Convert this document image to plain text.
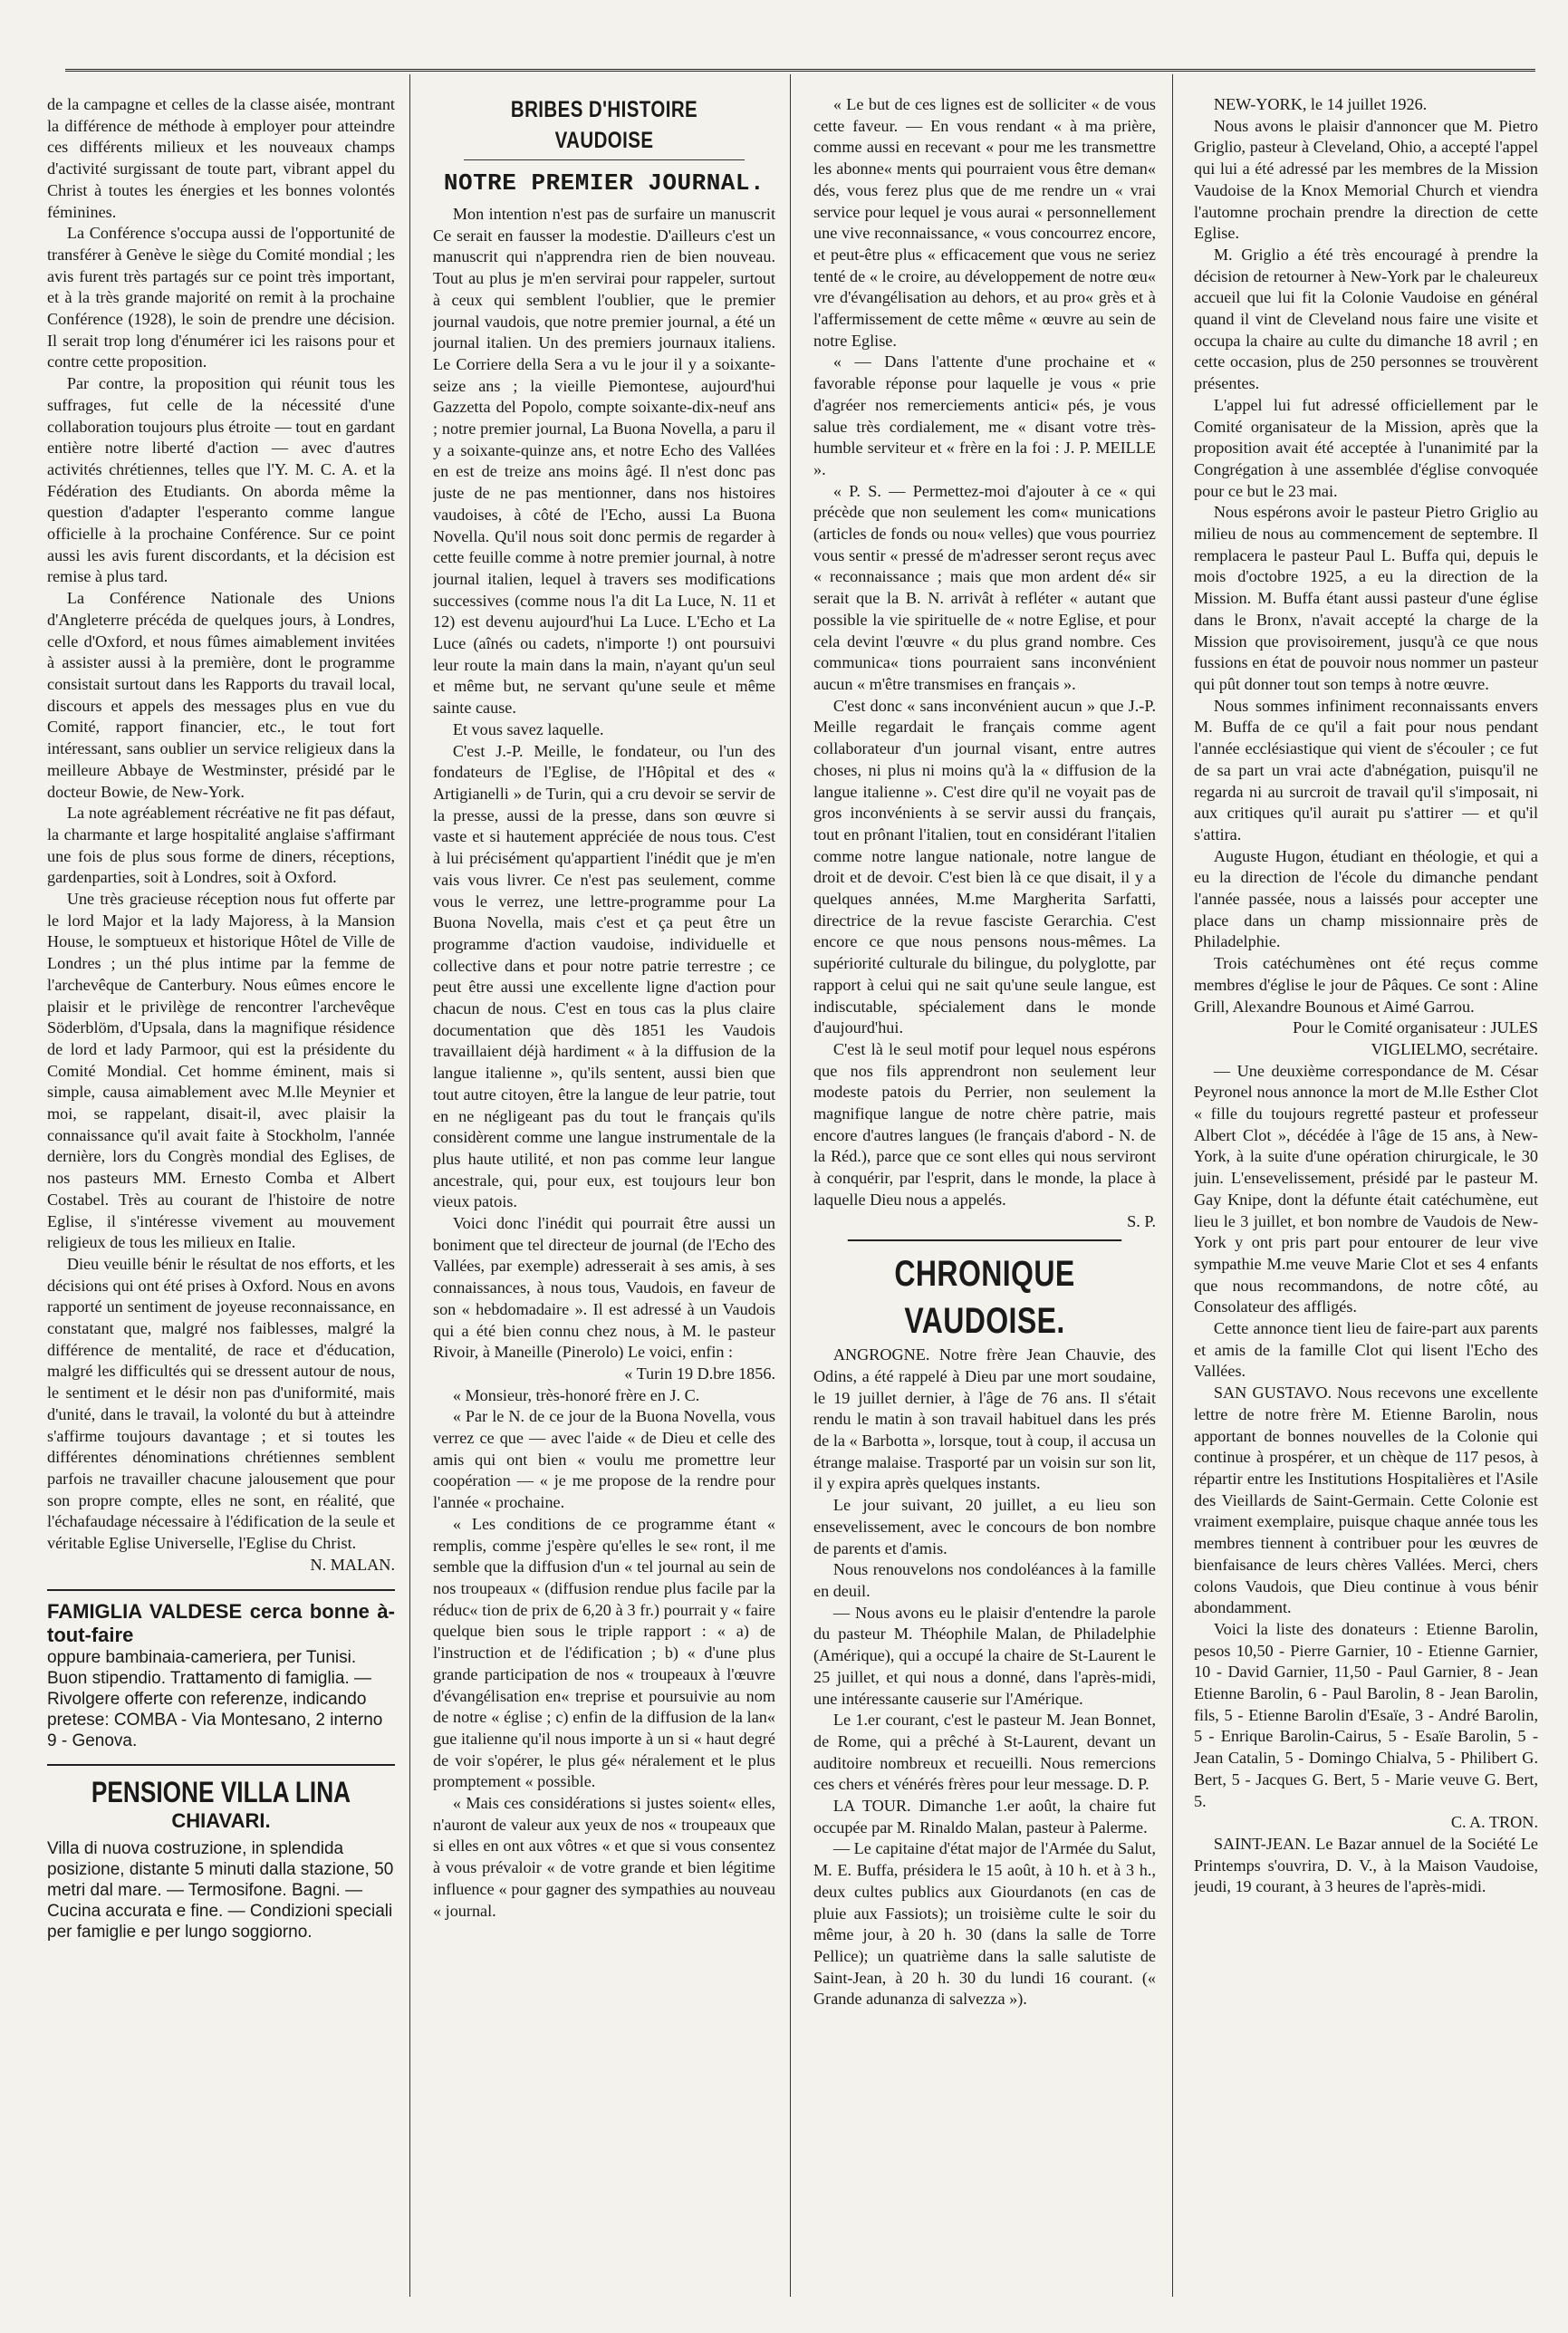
de la campagne et celles de la classe aisée, montrant la différence de méthode à employer pour atteindre ces différents milieux et les nouveaux champs d'activité surgissant de toute part, vibrant appel du Christ à toutes les énergies et les bonnes volontés féminines.

La Conférence s'occupa aussi de l'opportunité de transférer à Genève le siège du Comité mondial ; les avis furent très partagés sur ce point très important, et à la très grande majorité on remit à la prochaine Conférence (1928), le soin de prendre une décision. Il serait trop long d'énumérer ici les raisons pour et contre cette proposition.

Par contre, la proposition qui réunit tous les suffrages, fut celle de la nécessité d'une collaboration toujours plus étroite — tout en gardant entière notre liberté d'action — avec d'autres activités chrétiennes, telles que l'Y. M. C. A. et la Fédération des Etudiants. On aborda même la question d'adapter l'esperanto comme langue officielle à la prochaine Conférence. Sur ce point aussi les avis furent discordants, et la décision est remise à plus tard.

La Conférence Nationale des Unions d'Angleterre précéda de quelques jours, à Londres, celle d'Oxford, et nous fûmes aimablement invitées à assister aussi à la première, dont le programme consistait surtout dans les Rapports du travail local, discours et appels des messages plus en vue du Comité, rapport financier, etc., le tout fort intéressant, sans oublier un service religieux dans la meilleure Abbaye de Westminster, présidé par le docteur Bowie, de New-York.

La note agréablement récréative ne fit pas défaut, la charmante et large hospitalité anglaise s'affirmant une fois de plus sous forme de diners, réceptions, gardenparties, soit à Londres, soit à Oxford.

Une très gracieuse réception nous fut offerte par le lord Major et la lady Majoress, à la Mansion House, le somptueux et historique Hôtel de Ville de Londres ; un thé plus intime par la femme de l'archevêque de Canterbury. Nous eûmes encore le plaisir et le privilège de rencontrer l'archevêque Söderblöm, d'Upsala, dans la magnifique résidence de lord et lady Parmoor, qui est la présidente du Comité Mondial. Cet homme éminent, mais si simple, causa aimablement avec M.lle Meynier et moi, se rappelant, disait-il, avec plaisir la connaissance qu'il avait faite à Stockholm, l'année dernière, lors du Congrès mondial des Eglises, de nos pasteurs MM. Ernesto Comba et Albert Costabel. Très au courant de l'histoire de notre Eglise, il s'intéresse vivement au mouvement religieux de tous les milieux en Italie.

Dieu veuille bénir le résultat de nos efforts, et les décisions qui ont été prises à Oxford. Nous en avons rapporté un sentiment de joyeuse reconnaissance, en constatant que, malgré nos faiblesses, malgré la différence de mentalité, de race et d'éducation, malgré les difficultés qui se dressent autour de nous, le sentiment et le désir non pas d'uniformité, mais d'unité, dans le travail, la volonté du but à atteindre s'affirme toujours davantage ; et si toutes les différentes dénominations chrétiennes semblent parfois ne travailler chacune jalousement que pour son propre compte, elles ne sont, en réalité, que l'échafaudage nécessaire à l'édification de la seule et véritable Eglise Universelle, l'Eglise du Christ.

N. MALAN.

FAMIGLIA VALDESE cerca bonne à-tout-faire
oppure bambinaia-cameriera, per Tunisi. Buon stipendio. Trattamento di famiglia. — Rivolgere offerte con referenze, indicando pretese: COMBA - Via Montesano, 2 interno 9 - Genova.
PENSIONE VILLA LINA
CHIAVARI.
Villa di nuova costruzione, in splendida posizione, distante 5 minuti dalla stazione, 50 metri dal mare. — Termosifone. Bagni. — Cucina accurata e fine. — Condizioni speciali per famiglie e per lungo soggiorno.
BRIBES D'HISTOIRE VAUDOISE
NOTRE PREMIER JOURNAL.

Mon intention n'est pas de surfaire un manuscrit Ce serait en fausser la modestie. D'ailleurs c'est un manuscrit qui n'apprendra rien de bien nouveau. Tout au plus je m'en servirai pour rappeler, surtout à ceux qui semblent l'oublier, que le premier journal vaudois, que notre premier journal, a été un journal italien. Un des premiers journaux italiens. Le Corriere della Sera a vu le jour il y a soixante-seize ans ; la vieille Piemontese, aujourd'hui Gazzetta del Popolo, compte soixante-dix-neuf ans ; notre premier journal, La Buona Novella, a paru il y a soixante-quinze ans, et notre Echo des Vallées en est de treize ans moins âgé. Il n'est donc pas juste de ne pas mentionner, dans nos histoires vaudoises, à côté de l'Echo, aussi La Buona Novella. Qu'il nous soit donc permis de regarder à cette feuille comme à notre premier journal, à notre journal italien, lequel à travers ses modifications successives (comme nous l'a dit La Luce, N. 11 et 12) est devenu aujourd'hui La Luce. L'Echo et La Luce (aînés ou cadets, n'importe !) ont poursuivi leur route la main dans la main, n'ayant qu'un seul et même but, ne servant qu'une seule et même sainte cause.

Et vous savez laquelle.

C'est J.-P. Meille, le fondateur, ou l'un des fondateurs de l'Eglise, de l'Hôpital et des « Artigianelli » de Turin, qui a cru devoir se servir de la presse, aussi de la presse, dans son œuvre si vaste et si hautement appréciée de nous tous. C'est à lui précisément qu'appartient l'inédit que je m'en vais vous livrer. Ce n'est pas seulement, comme vous le verrez, une lettre-programme pour La Buona Novella, mais c'est et ça peut être un programme d'action vaudoise, individuelle et collective dans et pour notre patrie terrestre ; ce peut être aussi une excellente ligne d'action pour chacun de nous. C'est en tous cas la plus claire documentation que dès 1851 les Vaudois travaillaient déjà hardiment « à la diffusion de la langue italienne », qu'ils sentent, aussi bien que tout autre citoyen, être la langue de leur patrie, tout en ne négligeant pas du tout le français qu'ils considèrent comme une langue instrumentale de la plus haute utilité, et non pas comme leur langue ancestrale, qui, pour eux, est toujours leur bon vieux patois.

Voici donc l'inédit qui pourrait être aussi un boniment que tel directeur de journal (de l'Echo des Vallées, par exemple) adresserait à ses amis, à ses connaissances, à nous tous, Vaudois, en faveur de son « hebdomadaire ». Il est adressé à un Vaudois qui a été bien connu chez nous, à M. le pasteur Rivoir, à Maneille (Pinerolo) Le voici, enfin :

« Turin 19 D.bre 1856.

« Monsieur, très-honoré frère en J. C.

« Par le N. de ce jour de la Buona Novella, vous verrez ce que — avec l'aide « de Dieu et celle des amis qui ont bien « voulu me promettre leur coopération — « je me propose de la rendre pour l'année « prochaine.

« Les conditions de ce programme étant « remplis, comme j'espère qu'elles le se« ront, il me semble que la diffusion d'un « tel journal au sein de nos troupeaux « (diffusion rendue plus facile par la réduc« tion de prix de 6,20 à 3 fr.) pourrait y « faire quelque bien sous le triple rapport : « a) de l'instruction et de l'édification ; b) « d'une plus grande participation de nos « troupeaux à l'œuvre d'évangélisation en« treprise et poursuivie au nom de notre « église ; c) enfin de la diffusion de la lan« gue italienne qu'il nous importe à un si « haut degré de voir s'opérer, le plus gé« néralement et le plus promptement « possible.

« Mais ces considérations si justes soient« elles, n'auront de valeur aux yeux de nos « troupeaux que si elles en ont aux vôtres « et que si vous consentez à vous prévaloir « de votre grande et bien légitime influence « pour gagner des sympathies au nouveau « journal.

« Le but de ces lignes est de solliciter « de vous cette faveur. — En vous rendant « à ma prière, comme aussi en recevant « pour me les transmettre les abonne« ments qui pourraient vous être deman« dés, vous ferez plus que de me rendre un « vrai service pour lequel je vous aurai « personnellement une vive reconnaissance, « vous concourrez encore, et peut-être plus « efficacement que vous ne seriez tenté de « le croire, au développement de notre œu« vre d'évangélisation au dehors, et au pro« grès et à l'affermissement de cette même « œuvre au sein de notre Eglise.

« — Dans l'attente d'une prochaine et « favorable réponse pour laquelle je vous « prie d'agréer nos remerciements antici« pés, je vous salue très cordialement, me « disant votre très-humble serviteur et « frère en la foi : J. P. MEILLE ».

« P. S. — Permettez-moi d'ajouter à ce « qui précède que non seulement les com« munications (articles de fonds ou nou« velles) que vous pourriez vous sentir « pressé de m'adresser seront reçus avec « reconnaissance ; mais que mon ardent dé« sir serait que la B. N. arrivât à refléter « autant que possible la vie spirituelle de « notre Eglise, et pour cela devint l'œuvre « du plus grand nombre. Ces communica« tions pourraient sans inconvénient aucun « m'être transmises en français ».

C'est donc « sans inconvénient aucun » que J.-P. Meille regardait le français comme agent collaborateur d'un journal visant, entre autres choses, ni plus ni moins qu'à la « diffusion de la langue italienne ». C'est dire qu'il ne voyait pas de gros inconvénients à se servir aussi du français, tout en prônant l'italien, tout en considérant l'italien comme notre langue nationale, notre langue de droit et de devoir. C'est bien là ce que disait, il y a quelques années, M.me Margherita Sarfatti, directrice de la revue fasciste Gerarchia. C'est encore ce que nous pensons nous-mêmes. La supériorité culturale du bilingue, du polyglotte, par rapport à celui qui ne sait qu'une seule langue, est indiscutable, spécialement dans le monde d'aujourd'hui.

C'est là le seul motif pour lequel nous espérons que nos fils apprendront non seulement leur modeste patois du Perrier, non seulement la magnifique langue de notre chère patrie, mais encore d'autres langues (le français d'abord - N. de la Réd.), parce que ce sont elles qui nous serviront à conquérir, par l'esprit, dans le monde, la place à laquelle Dieu nous a appelés.

S. P.

CHRONIQUE VAUDOISE.

ANGROGNE. Notre frère Jean Chauvie, des Odins, a été rappelé à Dieu par une mort soudaine, le 19 juillet dernier, à l'âge de 76 ans. Il s'était rendu le matin à son travail habituel dans les prés de la « Barbotta », lorsque, tout à coup, il accusa un étrange malaise. Trasporté par un voisin sur son lit, il y expira après quelques instants.

Le jour suivant, 20 juillet, a eu lieu son ensevelissement, avec le concours de bon nombre de parents et d'amis.

Nous renouvelons nos condoléances à la famille en deuil.

— Nous avons eu le plaisir d'entendre la parole du pasteur M. Théophile Malan, de Philadelphie (Amérique), qui a occupé la chaire de St-Laurent le 25 juillet, et qui nous a donné, dans l'après-midi, une intéressante causerie sur l'Amérique.

Le 1.er courant, c'est le pasteur M. Jean Bonnet, de Rome, qui a prêché à St-Laurent, devant un auditoire nombreux et recueilli. Nous remercions ces chers et vénérés frères pour leur message. D. P.

LA TOUR. Dimanche 1.er août, la chaire fut occupée par M. Rinaldo Malan, pasteur à Palerme.

— Le capitaine d'état major de l'Armée du Salut, M. E. Buffa, présidera le 15 août, à 10 h. et à 3 h., deux cultes publics aux Giourdanots (en cas de pluie aux Fassiots); un troisième culte le soir du même jour, à 20 h. 30 (dans la salle de Torre Pellice); un quatrième dans la salle salutiste de Saint-Jean, à 20 h. 30 du lundi 16 courant. (« Grande adunanza di salvezza »).

NEW-YORK, le 14 juillet 1926.

Nous avons le plaisir d'annoncer que M. Pietro Griglio, pasteur à Cleveland, Ohio, a accepté l'appel qui lui a été adressé par les membres de la Mission Vaudoise de la Knox Memorial Church et viendra l'automne prochain prendre la direction de cette Eglise.

M. Griglio a été très encouragé à prendre la décision de retourner à New-York par le chaleureux accueil que lui fit la Colonie Vaudoise en général quand il vint de Cleveland nous faire une visite et occupa la chaire au culte du dimanche 18 avril ; en cette occasion, plus de 250 personnes se trouvèrent présentes.

L'appel lui fut adressé officiellement par le Comité organisateur de la Mission, après que la proposition avait été acceptée à l'unanimité par la Congrégation à une assemblée d'église convoquée pour ce but le 23 mai.

Nous espérons avoir le pasteur Pietro Griglio au milieu de nous au commencement de septembre. Il remplacera le pasteur Paul L. Buffa qui, depuis le mois d'octobre 1925, a eu la direction de la Mission. M. Buffa étant aussi pasteur d'une église dans le Bronx, n'avait accepté la charge de la Mission que provisoirement, jusqu'à ce que nous fussions en état de pouvoir nous nommer un pasteur qui pût donner tout son temps à notre œuvre.

Nous sommes infiniment reconnaissants envers M. Buffa de ce qu'il a fait pour nous pendant l'année ecclésiastique qui vient de s'écouler ; ce fut de sa part un vrai acte d'abnégation, puisqu'il ne regarda ni au surcroit de travail qu'il s'imposait, ni aux critiques qu'il aurait pu s'attirer — et qu'il s'attira.

Auguste Hugon, étudiant en théologie, et qui a eu la direction de l'école du dimanche pendant l'année passée, nous a laissés pour accepter une place dans un champ missionnaire près de Philadelphie.

Trois catéchumènes ont été reçus comme membres d'église le jour de Pâques. Ce sont : Aline Grill, Alexandre Bounous et Aimé Garrou.

Pour le Comité organisateur : JULES VIGLIELMO, secrétaire.

— Une deuxième correspondance de M. César Peyronel nous annonce la mort de M.lle Esther Clot « fille du toujours regretté pasteur et professeur Albert Clot », décédée à l'âge de 15 ans, à New-York, à la suite d'une opération chirurgicale, le 30 juin. L'ensevelissement, présidé par le pasteur M. Gay Knipe, dont la défunte était catéchumène, eut lieu le 3 juillet, et bon nombre de Vaudois de New-York y ont pris part pour entourer de leur vive sympathie M.me veuve Marie Clot et ses 4 enfants que nous recommandons, de notre côté, au Consolateur des affligés.

Cette annonce tient lieu de faire-part aux parents et amis de la famille Clot qui lisent l'Echo des Vallées.

SAN GUSTAVO. Nous recevons une excellente lettre de notre frère M. Etienne Barolin, nous apportant de bonnes nouvelles de la Colonie qui continue à prospérer, et un chèque de 117 pesos, à répartir entre les Institutions Hospitalières et l'Asile des Vieillards de Saint-Germain. Cette Colonie est vraiment exemplaire, puisque chaque année tous les membres tiennent à contribuer pour les œuvres de bienfaisance de leurs chères Vallées. Merci, chers colons Vaudois, que Dieu continue à vous bénir abondamment.

Voici la liste des donateurs : Etienne Barolin, pesos 10,50 - Pierre Garnier, 10 - Etienne Garnier, 10 - David Garnier, 11,50 - Paul Garnier, 8 - Jean Etienne Barolin, 6 - Paul Barolin, 8 - Jean Barolin, fils, 5 - Etienne Barolin d'Esaïe, 3 - André Barolin, 5 - Enrique Barolin-Cairus, 5 - Esaïe Barolin, 5 - Jean Catalin, 5 - Domingo Chialva, 5 - Philibert G. Bert, 5 - Jacques G. Bert, 5 - Marie veuve G. Bert, 5.

C. A. TRON.

SAINT-JEAN. Le Bazar annuel de la Société Le Printemps s'ouvrira, D. V., à la Maison Vaudoise, jeudi, 19 courant, à 3 heures de l'après-midi.
